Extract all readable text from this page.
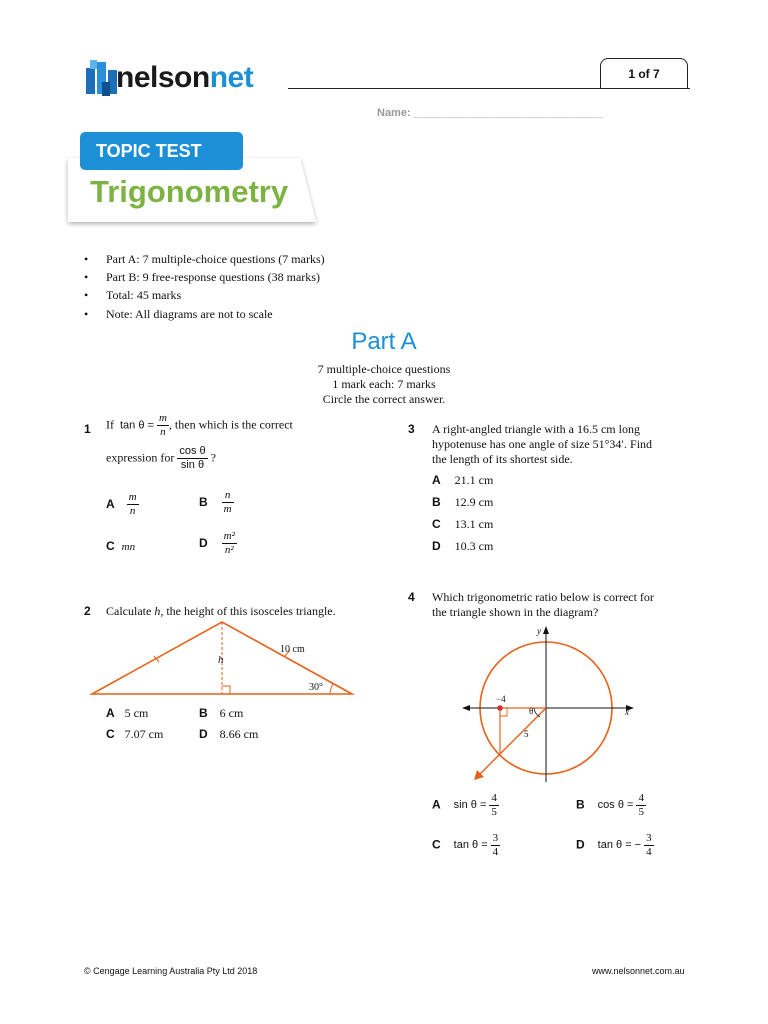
nelsonnet	1 of 7
Name: _______________________________
TOPIC TEST
Trigonometry
• Part A: 7 multiple-choice questions (7 marks)
• Part B: 9 free-response questions (38 marks)
• Total: 45 marks
• Note: All diagrams are not to scale
Part A
7 multiple-choice questions
1 mark each: 7 marks
Circle the correct answer.
1 If $\tan \theta = \frac{m}{n}$ , then which is the correct
expression for $\frac{\text{cos θ}}{\text{sin θ}}$ ?
A $\frac{m}{n}$	B $\frac{n}{m}$
C mn	D $\frac{\text{m²}}{\text{n²}}$
2 Calculate h, the height of this isosceles triangle.
h
10 cm
30°
A 5 cm	B 6 cm
C 7.07 cm	D 8.66 cm
3 A right-angled triangle with a 16.5 cm long
hypotenuse has one angle of size 51°34′. Find
the length of its shortest side.
A 21.1 cm
B 12.9 cm
C 13.1 cm
D 10.3 cm
4 Which trigonometric ratio below is correct for
the triangle shown in the diagram?
x
y
−4
θ
5
A $\sin \theta = \frac{4}{5}$	B $\cos \theta = \frac{4}{5}$
C $\tan \theta = \frac{3}{4}$	D tan θ = − $\frac{3}{4}$
© Cengage Learning Australia Pty Ltd 2018	www.nelsonnet.com.au
